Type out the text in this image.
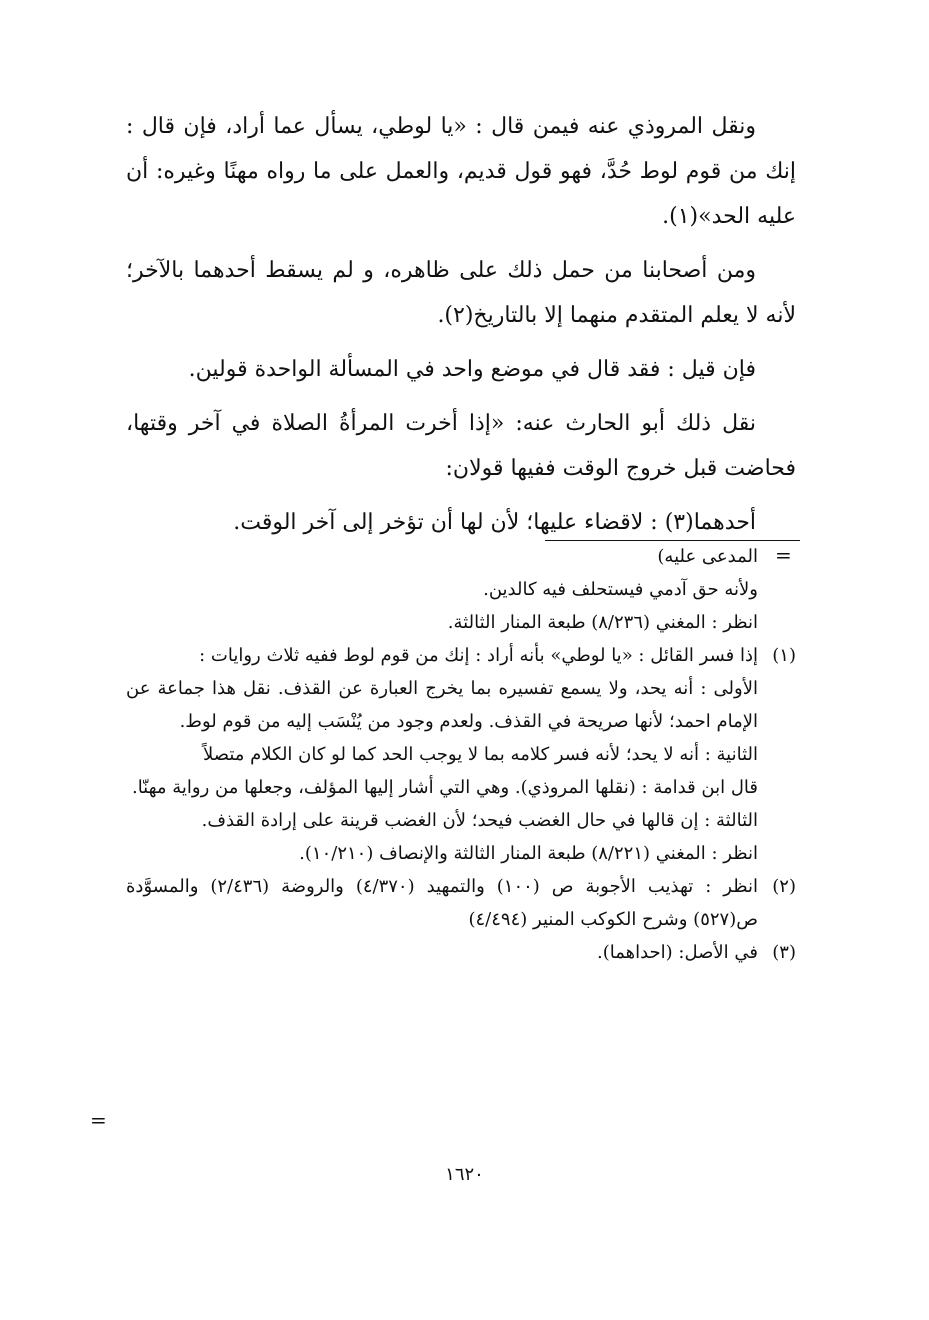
ونقل المروذي عنه فيمن قال : «يا لوطي، يسأل عما أراد، فإن قال : إنك من قوم لوط حُدَّ، فهو قول قديم، والعمل على ما رواه مهنًا وغيره: أن عليه الحد»(١).

ومن أصحابنا من حمل ذلك على ظاهره، و لم يسقط أحدهما بالآخر؛ لأنه لا يعلم المتقدم منهما إلا بالتاريخ(٢).

فإن قيل : فقد قال في موضع واحد في المسألة الواحدة قولين.

نقل ذلك أبو الحارث عنه: «إذا أخرت المرأةُ الصلاة في آخر وقتها، فحاضت قبل خروج الوقت ففيها قولان:

أحدهما(٣) : لاقضاء عليها؛ لأن لها أن تؤخر إلى آخر الوقت.

=

المدعى عليه)

ولأنه حق آدمي فيستحلف فيه كالدين.

انظر : المغني (٨/٢٣٦) طبعة المنار الثالثة.

(١)

إذا فسر القائل : «يا لوطي» بأنه أراد : إنك من قوم لوط ففيه ثلاث روايات :

الأولى : أنه يحد، ولا يسمع تفسيره بما يخرج العبارة عن القذف. نقل هذا جماعة عن الإمام احمد؛ لأنها صريحة في القذف. ولعدم وجود من يُنْسَب إليه من قوم لوط.

الثانية : أنه لا يحد؛ لأنه فسر كلامه بما لا يوجب الحد كما لو كان الكلام متصلاً

قال ابن قدامة : (نقلها المروذي). وهي التي أشار إليها المؤلف، وجعلها من رواية مهنّا.

الثالثة : إن قالها في حال الغضب فيحد؛ لأن الغضب قرينة على إرادة القذف.

انظر : المغني (٨/٢٢١) طبعة المنار الثالثة والإنصاف (١٠/٢١٠).

(٢)

انظر : تهذيب الأجوبة ص (١٠٠) والتمهيد (٤/٣٧٠) والروضة (٢/٤٣٦) والمسوَّدة ص(٥٢٧) وشرح الكوكب المنير (٤/٤٩٤)

(٣)

في الأصل: (احداهما).

=
١٦٢٠
